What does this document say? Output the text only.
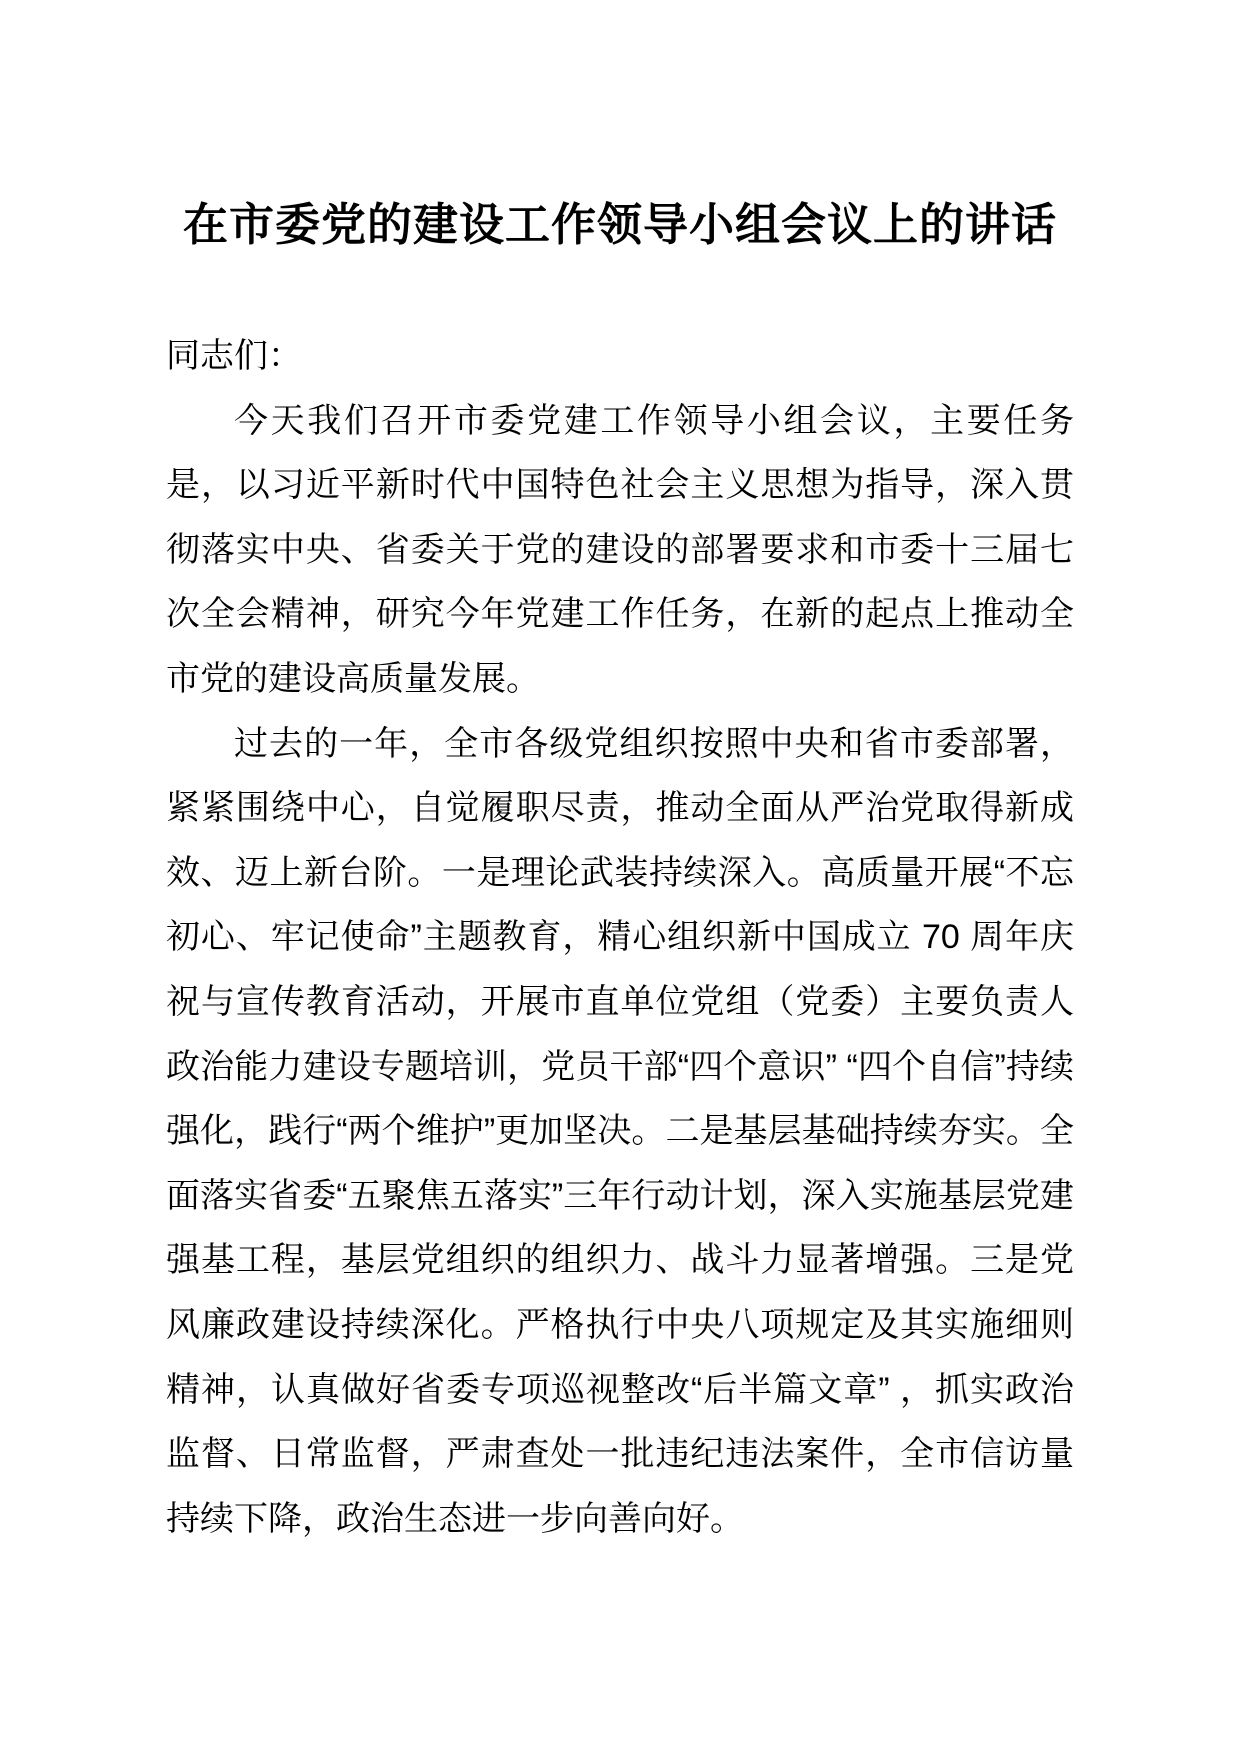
在市委党的建设工作领导小组会议上的讲话

同志们：

今天我们召开市委党建工作领导小组会议，主要任务是，以习近平新时代中国特色社会主义思想为指导，深入贯彻落实中央、省委关于党的建设的部署要求和市委十三届七次全会精神，研究今年党建工作任务，在新的起点上推动全市党的建设高质量发展。

过去的一年，全市各级党组织按照中央和省市委部署，紧紧围绕中心，自觉履职尽责，推动全面从严治党取得新成效、迈上新台阶。一是理论武装持续深入。高质量开展“不忘初心、牢记使命”主题教育，精心组织新中国成立 70 周年庆祝与宣传教育活动，开展市直单位党组（党委）主要负责人政治能力建设专题培训，党员干部“四个意识” “四个自信”持续强化，践行“两个维护”更加坚决。二是基层基础持续夯实。全面落实省委“五聚焦五落实”三年行动计划，深入实施基层党建强基工程，基层党组织的组织力、战斗力显著增强。三是党风廉政建设持续深化。严格执行中央八项规定及其实施细则精神，认真做好省委专项巡视整改“后半篇文章” ，抓实政治监督、日常监督，严肃查处一批违纪违法案件，全市信访量持续下降，政治生态进一步向善向好。
